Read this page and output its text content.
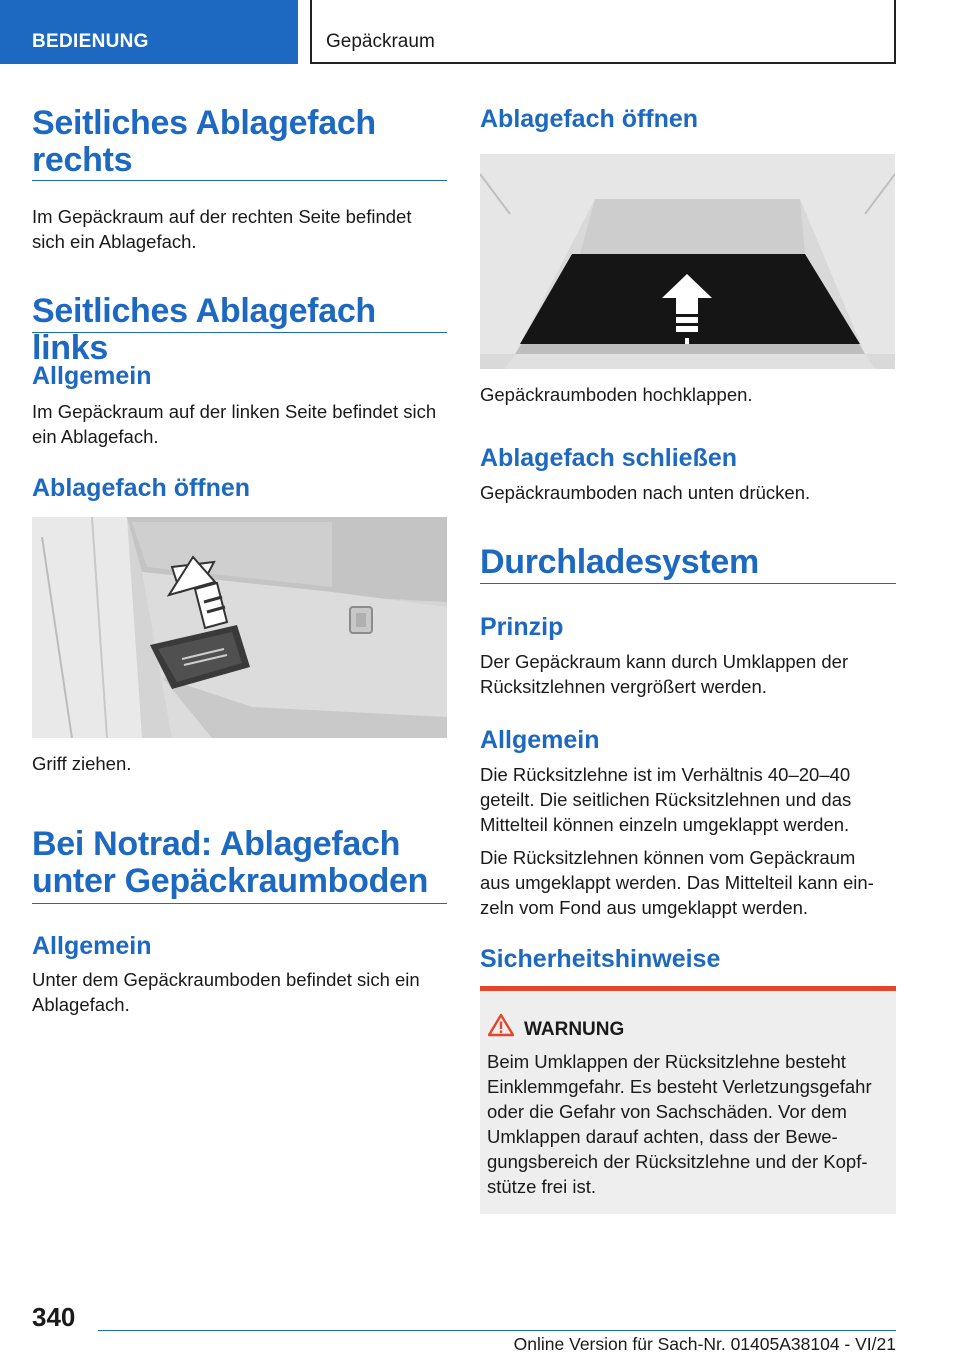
BEDIENUNG	Gepäckraum
Seitliches Ablagefach
rechts
Im Gepäckraum auf der rechten Seite befindet
sich ein Ablagefach.
Seitliches Ablagefach links
Allgemein
Im Gepäckraum auf der linken Seite befindet sich
ein Ablagefach.
Ablagefach öffnen
Griff ziehen.
Bei Notrad: Ablagefach
unter Gepäckraumboden
Allgemein
Unter dem Gepäckraumboden befindet sich ein
Ablagefach.
Ablagefach öffnen
Gepäckraumboden hochklappen.
Ablagefach schließen
Gepäckraumboden nach unten drücken.
Durchladesystem
Prinzip
Der Gepäckraum kann durch Umklappen der
Rücksitzlehnen vergrößert werden.
Allgemein
Die Rücksitzlehne ist im Verhältnis 40–20–40
geteilt. Die seitlichen Rücksitzlehnen und das
Mittelteil können einzeln umgeklappt werden.
Die Rücksitzlehnen können vom Gepäckraum
aus umgeklappt werden. Das Mittelteil kann ein-
zeln vom Fond aus umgeklappt werden.
Sicherheitshinweise
WARNUNG
Beim Umklappen der Rücksitzlehne besteht
Einklemmgefahr. Es besteht Verletzungsgefahr
oder die Gefahr von Sachschäden. Vor dem
Umklappen darauf achten, dass der Bewe-
gungsbereich der Rücksitzlehne und der Kopf-
stütze frei ist.
340
Online Version für Sach-Nr. 01405A38104 - VI/21
